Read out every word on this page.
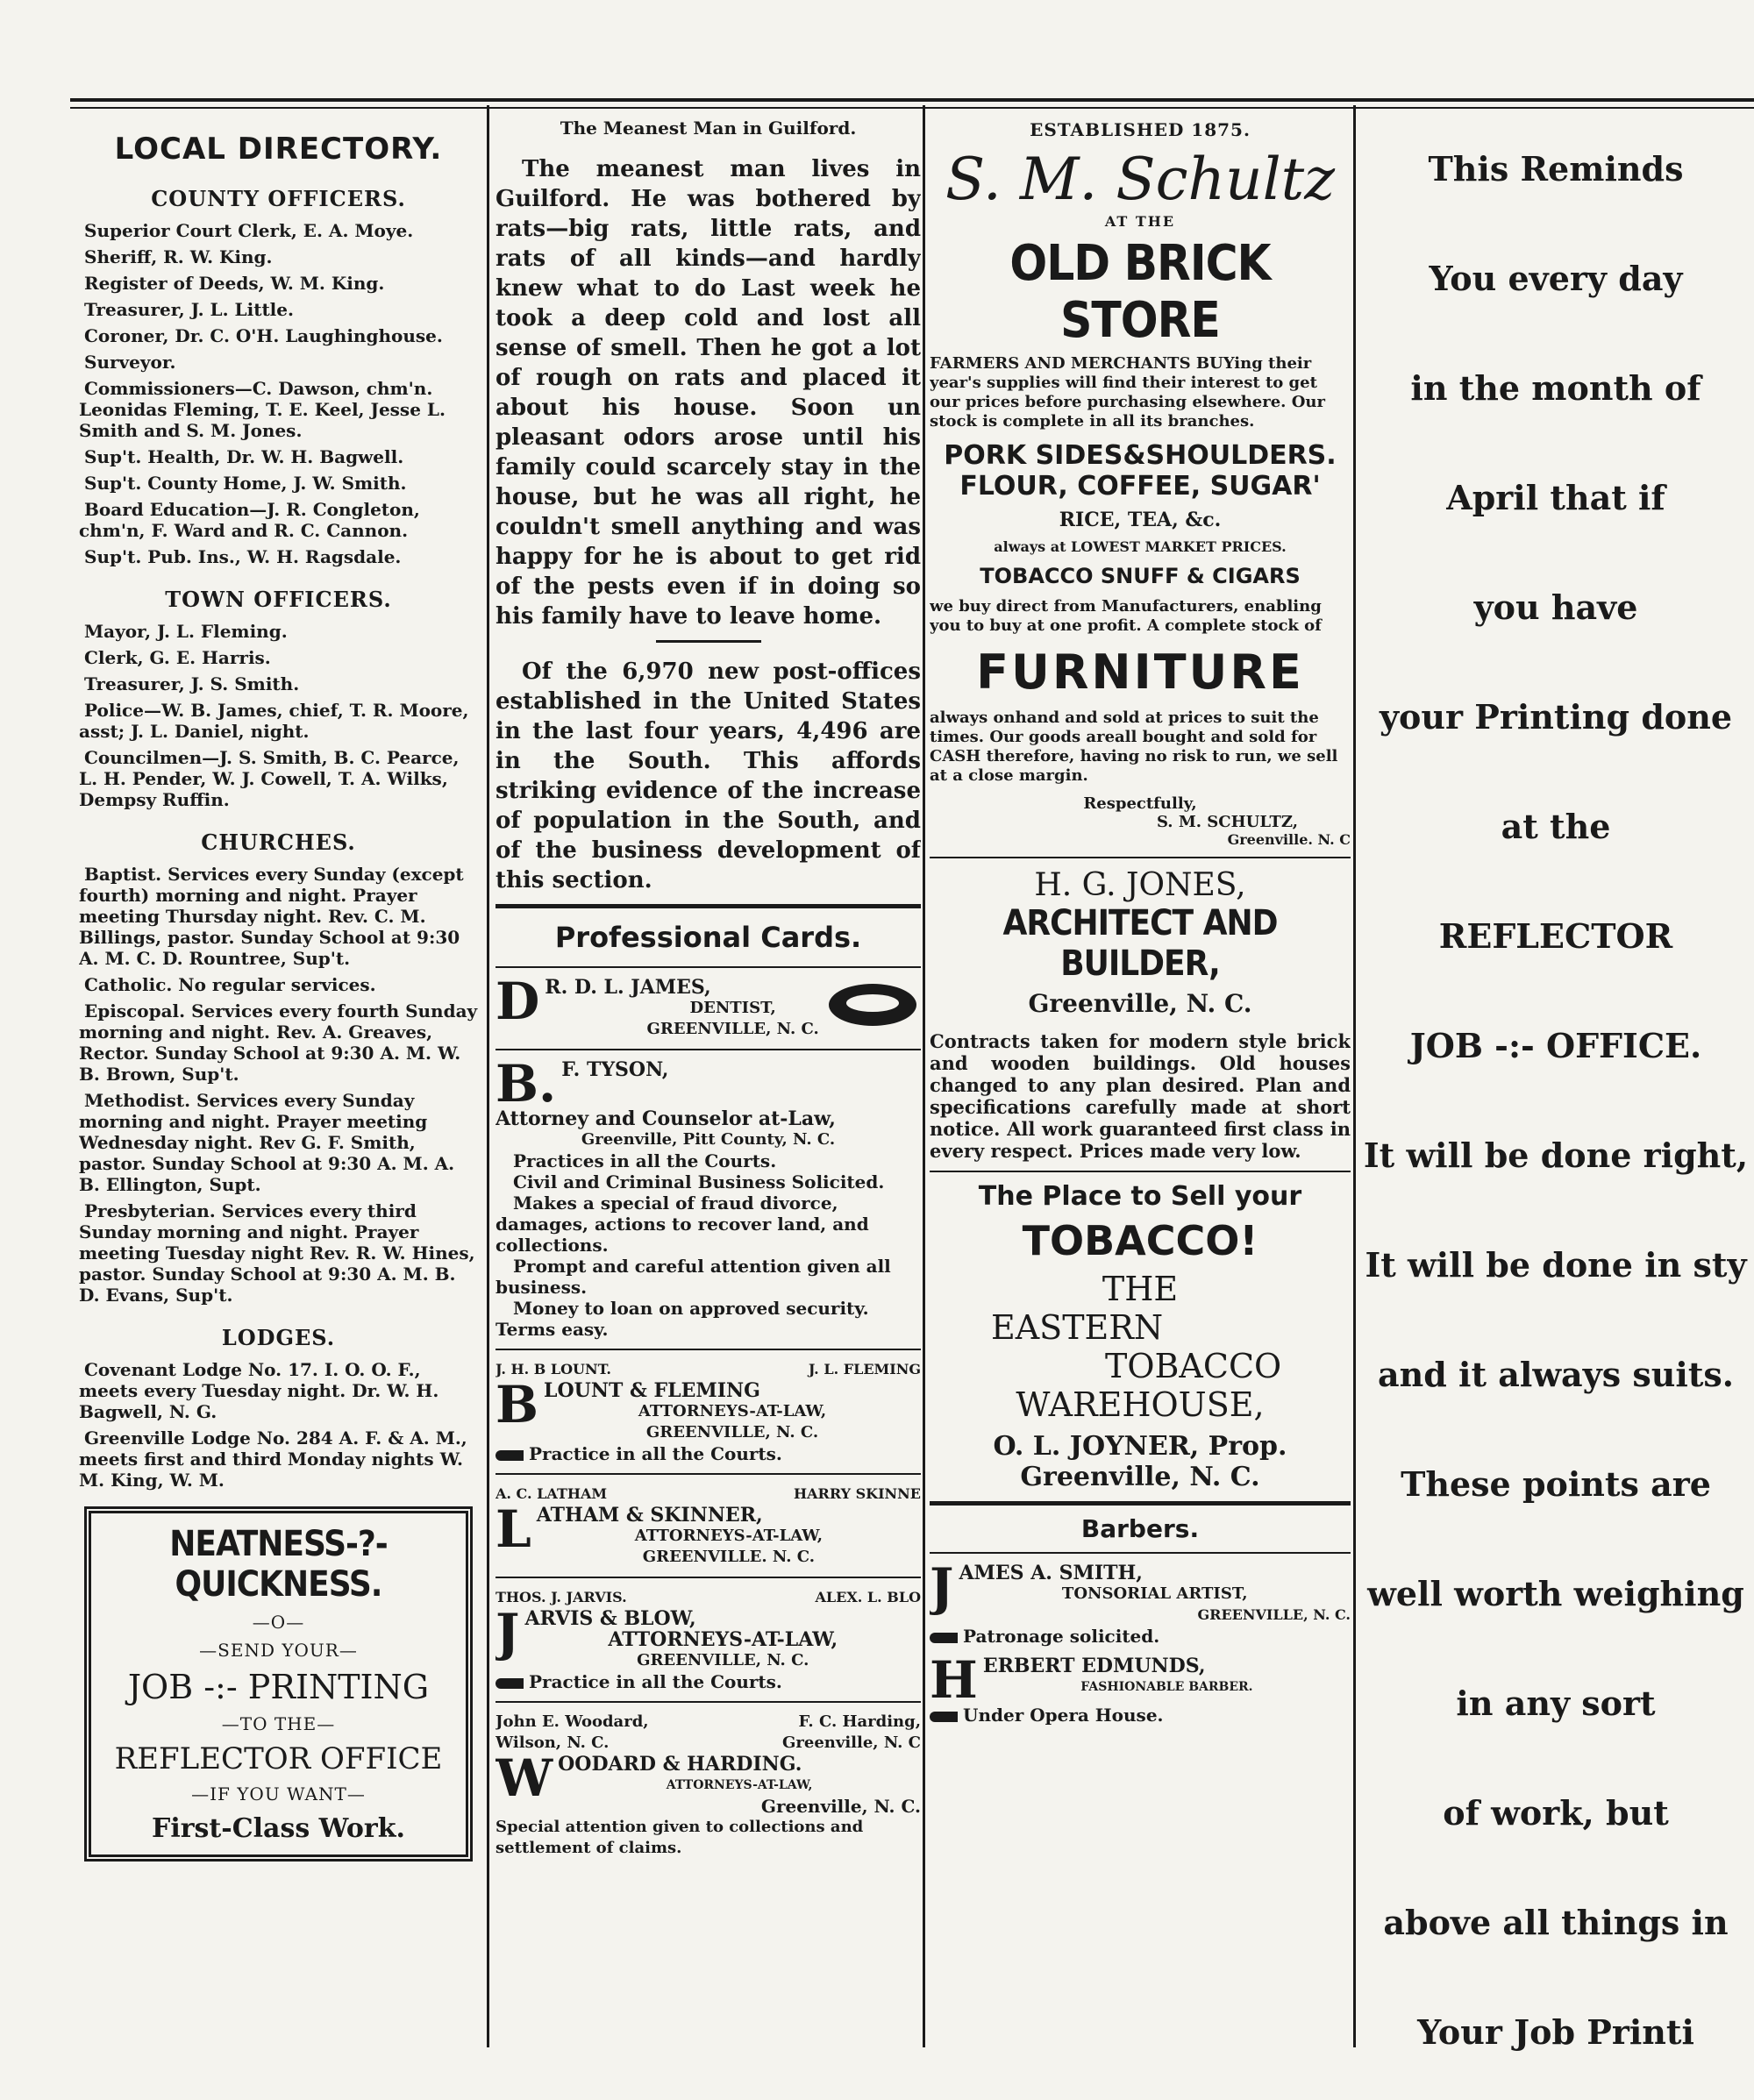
LOCAL DIRECTORY.
COUNTY OFFICERS.
Superior Court Clerk, E. A. Moye.
Sheriff, R. W. King.
Register of Deeds, W. M. King.
Treasurer, J. L. Little.
Coroner, Dr. C. O'H. Laughinghouse.
Surveyor.
Commissioners—C. Dawson, chm'n. Leonidas Fleming, T. E. Keel, Jesse L. Smith and S. M. Jones.
Sup't. Health, Dr. W. H. Bagwell.
Sup't. County Home, J. W. Smith.
Board Education—J. R. Congleton, chm'n, F. Ward and R. C. Cannon.
Sup't. Pub. Ins., W. H. Ragsdale.
TOWN OFFICERS.
Mayor, J. L. Fleming.
Clerk, G. E. Harris.
Treasurer, J. S. Smith.
Police—W. B. James, chief, T. R. Moore, asst; J. L. Daniel, night.
Councilmen—J. S. Smith, B. C. Pearce, L. H. Pender, W. J. Cowell, T. A. Wilks, Dempsy Ruffin.
CHURCHES.
Baptist. Services every Sunday (except fourth) morning and night. Prayer meeting Thursday night. Rev. C. M. Billings, pastor. Sunday School at 9:30 A. M. C. D. Rountree, Sup't.
Catholic. No regular services.
Episcopal. Services every fourth Sunday morning and night. Rev. A. Greaves, Rector. Sunday School at 9:30 A. M. W. B. Brown, Sup't.
Methodist. Services every Sunday morning and night. Prayer meeting Wednesday night. Rev G. F. Smith, pastor. Sunday School at 9:30 A. M. A. B. Ellington, Supt.
Presbyterian. Services every third Sunday morning and night. Prayer meeting Tuesday night Rev. R. W. Hines, pastor. Sunday School at 9:30 A. M. B. D. Evans, Sup't.
LODGES.
Covenant Lodge No. 17. I. O. O. F., meets every Tuesday night. Dr. W. H. Bagwell, N. G.
Greenville Lodge No. 284 A. F. & A. M., meets first and third Monday nights W. M. King, W. M.
NEATNESS-?-QUICKNESS.
—O—
—SEND YOUR—
JOB -:- PRINTING
—TO THE—
REFLECTOR OFFICE
—IF YOU WANT—
First-Class Work.
The Meanest Man in Guilford.

The meanest man lives in Guilford. He was bothered by rats—big rats, little rats, and rats of all kinds—and hardly knew what to do Last week he took a deep cold and lost all sense of smell. Then he got a lot of rough on rats and placed it about his house. Soon un pleasant odors arose until his family could scarcely stay in the house, but he was all right, he couldn't smell anything and was happy for he is about to get rid of the pests even if in doing so his family have to leave home.

Of the 6,970 new post-offices established in the United States in the last four years, 4,496 are in the South. This affords striking evidence of the increase of population in the South, and of the business development of this section.

Professional Cards.
D R. D. L. JAMES,
DENTIST,
GREENVILLE, N. C.
B. F. TYSON,
Attorney and Counselor at-Law,
Greenville, Pitt County, N. C.
Practices in all the Courts.
Civil and Criminal Business Solicited.
Makes a special of fraud divorce, damages, actions to recover land, and collections.
Prompt and careful attention given all business.
Money to loan on approved security. Terms easy.
J. H. B LOUNT.	J. L. FLEMING
B LOUNT & FLEMING
ATTORNEYS-AT-LAW,
GREENVILLE, N. C.
Practice in all the Courts.
A. C. LATHAM	HARRY SKINNE
L ATHAM & SKINNER,
ATTORNEYS-AT-LAW,
GREENVILLE. N. C.
THOS. J. JARVIS.	ALEX. L. BLO
J ARVIS & BLOW,
ATTORNEYS-AT-LAW,
GREENVILLE, N. C.
Practice in all the Courts.
John E. Woodard,	F. C. Harding,
Wilson, N. C.	Greenville, N. C
W OODARD & HARDING.
ATTORNEYS-AT-LAW,
Greenville, N. C.
Special attention given to collections and settlement of claims.
ESTABLISHED 1875.
S. M. Schultz
AT THE
OLD BRICK STORE
FARMERS AND MERCHANTS BUYing their year's supplies will find their interest to get our prices before purchasing elsewhere. Our stock is complete in all its branches.
PORK SIDES&SHOULDERS.
FLOUR, COFFEE, SUGAR'
RICE, TEA, &c.
always at LOWEST MARKET PRICES.
TOBACCO SNUFF & CIGARS
we buy direct from Manufacturers, enabling you to buy at one profit. A complete stock of
FURNITURE
always onhand and sold at prices to suit the times. Our goods areall bought and sold for CASH therefore, having no risk to run, we sell at a close margin.
Respectfully,
S. M. SCHULTZ,
Greenville. N. C
H. G. JONES,
ARCHITECT AND BUILDER,
Greenville, N. C.
Contracts taken for modern style brick and wooden buildings. Old houses changed to any plan desired. Plan and specifications carefully made at short notice. All work guaranteed first class in every respect. Prices made very low.
The Place to Sell your
TOBACCO!
THE
EASTERN
TOBACCO
WAREHOUSE,
O. L. JOYNER, Prop.
Greenville, N. C.
Barbers.
J AMES A. SMITH,
TONSORIAL ARTIST,
GREENVILLE, N. C.
Patronage solicited.
H ERBERT EDMUNDS,
FASHIONABLE BARBER.
Under Opera House.
This Reminds
You every day
in the month of
April that if
you have
your Printing done
at the
REFLECTOR
JOB -:- OFFICE.
It will be done right,
It will be done in sty
and it always suits.
These points are
well worth weighing
in any sort
of work, but
above all things in
Your Job Printi
